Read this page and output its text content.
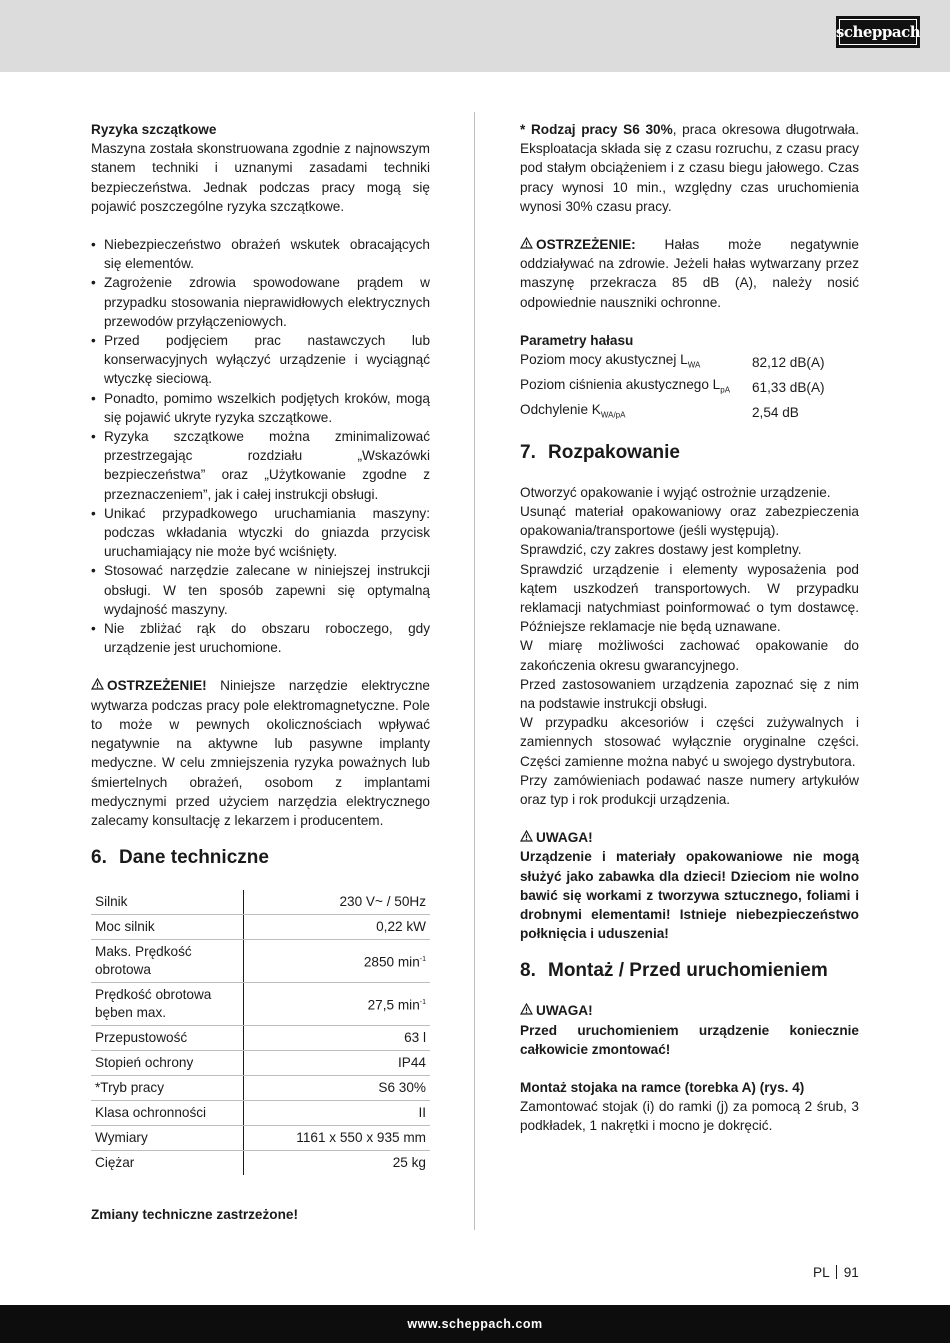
scheppach

Ryzyka szczątkowe

Maszyna została skonstruowana zgodnie z najnowszym stanem techniki i uznanymi zasadami techniki bezpieczeństwa. Jednak podczas pracy mogą się pojawić poszczególne ryzyka szczątkowe.

• Niebezpieczeństwo obrażeń wskutek obracających się elementów.
• Zagrożenie zdrowia spowodowane prądem w przypadku stosowania nieprawidłowych elektrycznych przewodów przyłączeniowych.
• Przed podjęciem prac nastawczych lub konserwacyjnych wyłączyć urządzenie i wyciągnąć wtyczkę sieciową.
• Ponadto, pomimo wszelkich podjętych kroków, mogą się pojawić ukryte ryzyka szczątkowe.
• Ryzyka szczątkowe można zminimalizować przestrzegając rozdziału „Wskazówki bezpieczeństwa” oraz „Użytkowanie zgodne z przeznaczeniem”, jak i całej instrukcji obsługi.
• Unikać przypadkowego uruchamiania maszyny: podczas wkładania wtyczki do gniazda przycisk uruchamiający nie może być wciśnięty.
• Stosować narzędzie zalecane w niniejszej instrukcji obsługi. W ten sposób zapewni się optymalną wydajność maszyny.
• Nie zbliżać rąk do obszaru roboczego, gdy urządzenie jest uruchomione.

OSTRZEŻENIE! Niniejsze narzędzie elektryczne wytwarza podczas pracy pole elektromagnetyczne. Pole to może w pewnych okolicznościach wpływać negatywnie na aktywne lub pasywne implanty medyczne. W celu zmniejszenia ryzyka poważnych lub śmiertelnych obrażeń, osobom z implantami medycznymi przed użyciem narzędzia elektrycznego zalecamy konsultację z lekarzem i producentem.

6. Dane techniczne
Silnik	230 V~ / 50Hz
Moc silnik	0,22 kW
Maks. Prędkość obrotowa	2850 $\min^{-1}$
Prędkość obrotowa bęben max.	27,5 $\min^{-1}$
Przepustowość	63 l
Stopień ochrony	IP44
*Tryb pracy	S6 30%
Klasa ochronności	II
Wymiary	1161 x 550 x 935 mm
Ciężar	25 kg

Zmiany techniczne zastrzeżone!

* Rodzaj pracy S6 30%, praca okresowa długotrwała. Eksploatacja składa się z czasu rozruchu, z czasu pracy pod stałym obciążeniem i z czasu biegu jałowego. Czas pracy wynosi 10 min., względny czas uruchomienia wynosi 30% czasu pracy.

OSTRZEŻENIE: Hałas może negatywnie oddziaływać na zdrowie. Jeżeli hałas wytwarzany przez maszynę przekracza 85 dB (A), należy nosić odpowiednie nauszniki ochronne.

Parametry hałasu

Poziom mocy akustycznej $L_{WA}$	82,12 dB(A)
Poziom ciśnienia akustycznego $L_{pA}$	61,33 dB(A)
Odchylenie $K_{WA/pA}$	2,54 dB
7. Rozpakowanie

Otworzyć opakowanie i wyjąć ostrożnie urządzenie.

Usunąć materiał opakowaniowy oraz zabezpieczenia opakowania/transportowe (jeśli występują).

Sprawdzić, czy zakres dostawy jest kompletny.

Sprawdzić urządzenie i elementy wyposażenia pod kątem uszkodzeń transportowych. W przypadku reklamacji natychmiast poinformować o tym dostawcę. Późniejsze reklamacje nie będą uznawane.

W miarę możliwości zachować opakowanie do zakończenia okresu gwarancyjnego.

Przed zastosowaniem urządzenia zapoznać się z nim na podstawie instrukcji obsługi.

W przypadku akcesoriów i części zużywalnych i zamiennych stosować wyłącznie oryginalne części. Części zamienne można nabyć u swojego dystrybutora.

Przy zamówieniach podawać nasze numery artykułów oraz typ i rok produkcji urządzenia.

UWAGA!

Urządzenie i materiały opakowaniowe nie mogą służyć jako zabawka dla dzieci! Dzieciom nie wolno bawić się workami z tworzywa sztucznego, foliami i drobnymi elementami! Istnieje niebezpieczeństwo połknięcia i uduszenia!

8. Montaż / Przed uruchomieniem

UWAGA!

Przed uruchomieniem urządzenie koniecznie całkowicie zmontować!

Montaż stojaka na ramce (torebka A) (rys. 4)

Zamontować stojak (i) do ramki (j) za pomocą 2 śrub, 3 podkładek, 1 nakrętki i mocno je dokręcić.

PL 91
www.scheppach.com
